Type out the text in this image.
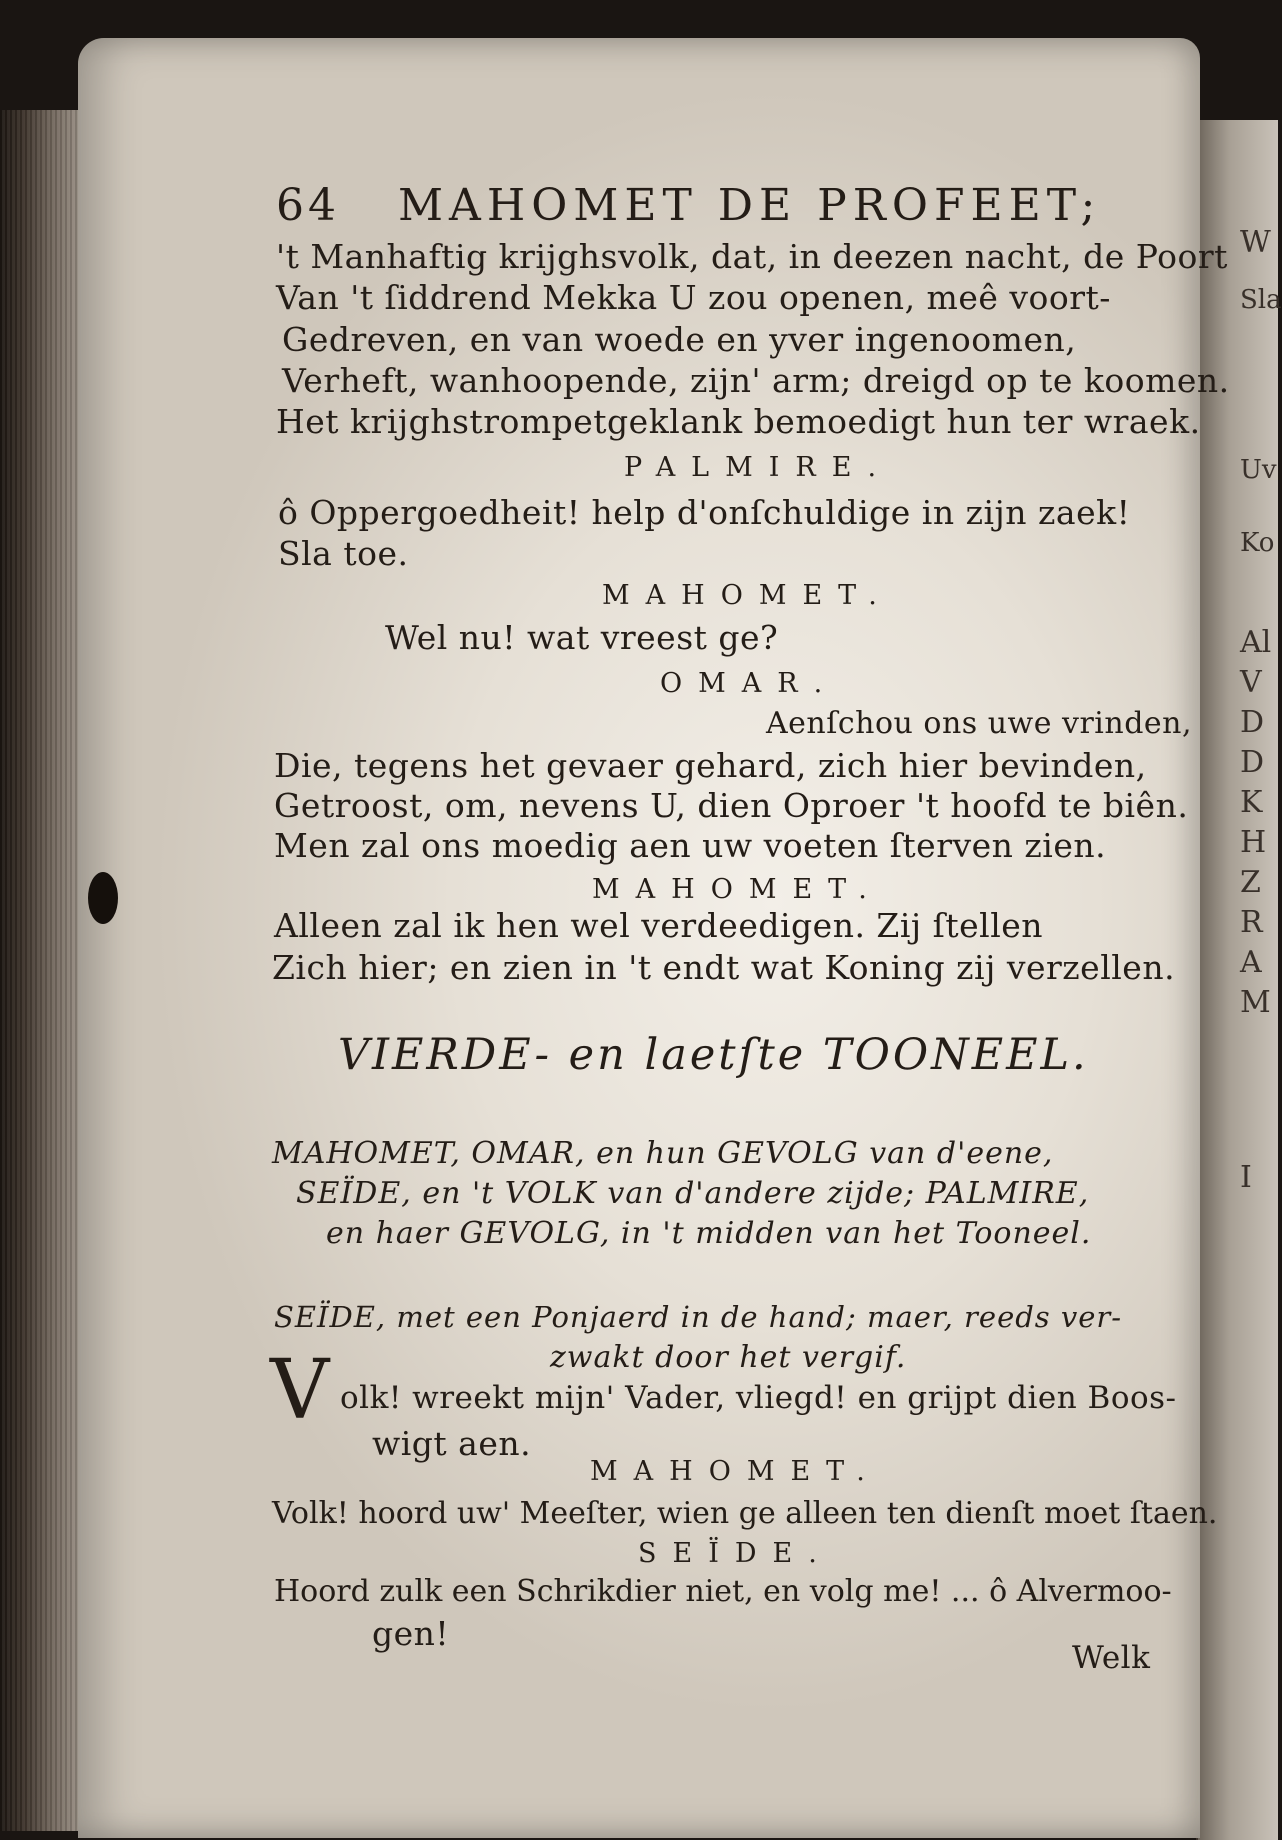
W
Sla
Uv
Ko
Al
V
D
D
K
H
Z
R
A
M
I
64 MAHOMET DE PROFEET;
't Manhaftig krijghsvolk, dat, in deezen nacht, de Poort
Van 't ſiddrend Mekka U zou openen, meê voort-
Gedreven, en van woede en yver ingenoomen,
Verheft, wanhoopende, zijn' arm; dreigd op te koomen.
Het krijghstrompetgeklank bemoedigt hun ter wraek.
PALMIRE.
ô Oppergoedheit! help d'onſchuldige in zijn zaek!
Sla toe.
MAHOMET.
Wel nu! wat vreest ge?
OMAR.
Aenſchou ons uwe vrinden,
Die, tegens het gevaer gehard, zich hier bevinden,
Getroost, om, nevens U, dien Oproer 't hoofd te biên.
Men zal ons moedig aen uw voeten ſterven zien.
MAHOMET.
Alleen zal ik hen wel verdeedigen. Zij ſtellen
Zich hier; en zien in 't endt wat Koning zij verzellen.
VIERDE- en laetſte TOONEEL.
MAHOMET, OMAR, en hun GEVOLG van d'eene,
SEÏDE, en 't VOLK van d'andere zijde; PALMIRE,
en haer GEVOLG, in 't midden van het Tooneel.
SEÏDE, met een Ponjaerd in de hand; maer, reeds ver-
zwakt door het vergif.
V olk! wreekt mijn' Vader, vliegd! en grijpt dien Boos-
wigt aen.
MAHOMET.
Volk! hoord uw' Meeſter, wien ge alleen ten dienſt moet ſtaen.
SEÏDE.
Hoord zulk een Schrikdier niet, en volg me! ... ô Alvermoo-
gen!
Welk
